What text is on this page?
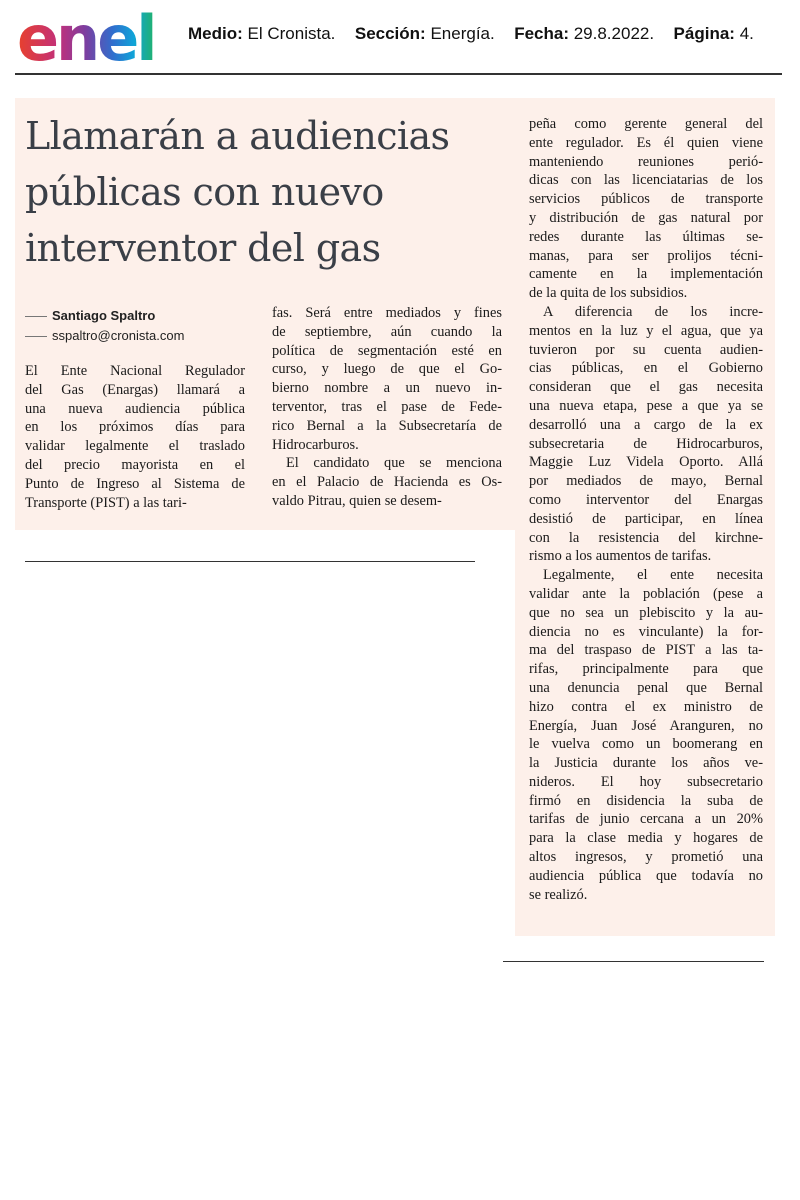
enel Medio: El Cronista. Sección: Energía. Fecha: 29.8.2022. Página: 4.
Llamarán a audiencias
públicas con nuevo
interventor del gas
Santiago Spaltro
sspaltro@cronista.com
El Ente Nacional Regulador
del Gas (Enargas) llamará a
una nueva audiencia pública
en los próximos días para
validar legalmente el traslado
del precio mayorista en el
Punto de Ingreso al Sistema de
Transporte (PIST) a las tari-
fas. Será entre mediados y fines
de septiembre, aún cuando la
política de segmentación esté en
curso, y luego de que el Go-
bierno nombre a un nuevo in-
terventor, tras el pase de Fede-
rico Bernal a la Subsecretaría de
Hidrocarburos.
El candidato que se menciona
en el Palacio de Hacienda es Os-
valdo Pitrau, quien se desem-
peña como gerente general del
ente regulador. Es él quien viene
manteniendo reuniones perió-
dicas con las licenciatarias de los
servicios públicos de transporte
y distribución de gas natural por
redes durante las últimas se-
manas, para ser prolijos técni-
camente en la implementación
de la quita de los subsidios.
A diferencia de los incre-
mentos en la luz y el agua, que ya
tuvieron por su cuenta audien-
cias públicas, en el Gobierno
consideran que el gas necesita
una nueva etapa, pese a que ya se
desarrolló una a cargo de la ex
subsecretaria de Hidrocarburos,
Maggie Luz Videla Oporto. Allá
por mediados de mayo, Bernal
como interventor del Enargas
desistió de participar, en línea
con la resistencia del kirchne-
rismo a los aumentos de tarifas.
Legalmente, el ente necesita
validar ante la población (pese a
que no sea un plebiscito y la au-
diencia no es vinculante) la for-
ma del traspaso de PIST a las ta-
rifas, principalmente para que
una denuncia penal que Bernal
hizo contra el ex ministro de
Energía, Juan José Aranguren, no
le vuelva como un boomerang en
la Justicia durante los años ve-
nideros. El hoy subsecretario
firmó en disidencia la suba de
tarifas de junio cercana a un 20%
para la clase media y hogares de
altos ingresos, y prometió una
audiencia pública que todavía no
se realizó.
